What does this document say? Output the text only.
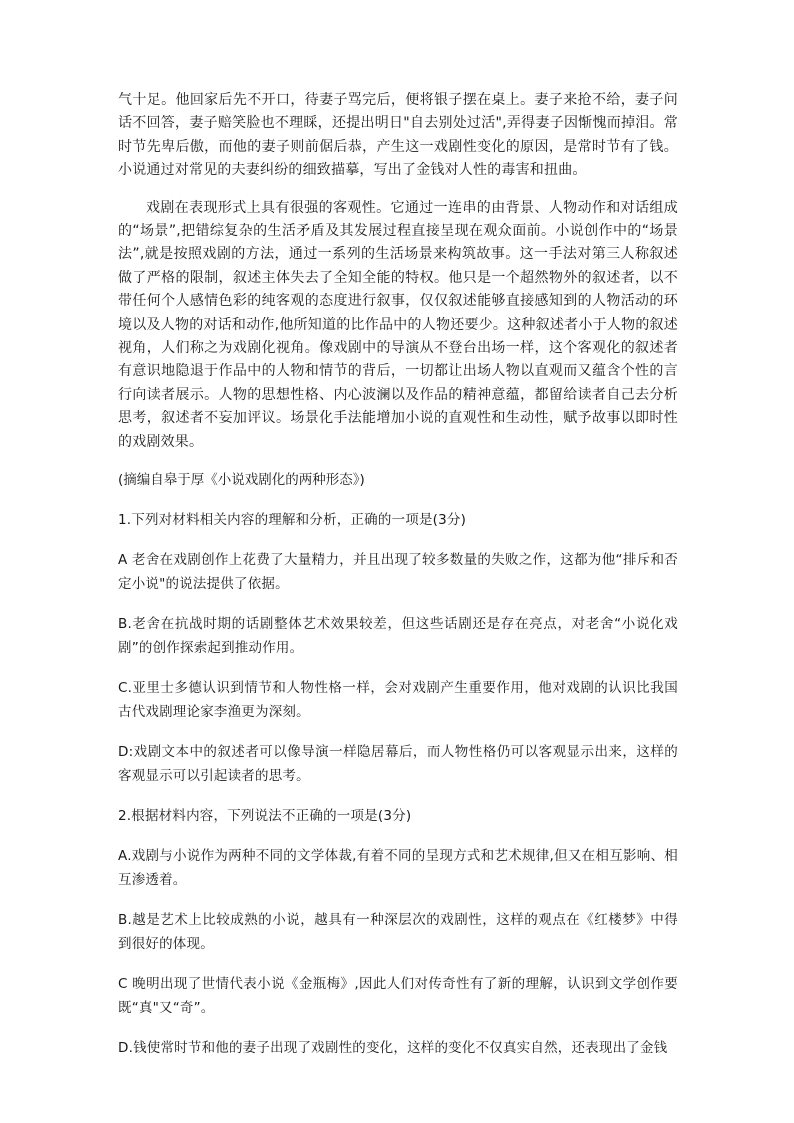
气十足。他回家后先不开口，待妻子骂完后，便将银子摆在桌上。妻子来抢不给，妻子问话不回答，妻子赔笑脸也不理睬，还提出明日"自去别处过活",弄得妻子因惭愧而掉泪。常时节先卑后傲，而他的妻子则前倨后恭，产生这一戏剧性变化的原因，是常时节有了钱。小说通过对常见的夫妻纠纷的细致描摹，写出了金钱对人性的毒害和扭曲。

戏剧在表现形式上具有很强的客观性。它通过一连串的由背景、人物动作和对话组成的“场景”,把错综复杂的生活矛盾及其发展过程直接呈现在观众面前。小说创作中的“场景法”,就是按照戏剧的方法，通过一系列的生活场景来构筑故事。这一手法对第三人称叙述做了严格的限制，叙述主体失去了全知全能的特权。他只是一个超然物外的叙述者，以不带任何个人感情色彩的纯客观的态度进行叙事，仅仅叙述能够直接感知到的人物活动的环境以及人物的对话和动作,他所知道的比作品中的人物还要少。这种叙述者小于人物的叙述视角，人们称之为戏剧化视角。像戏剧中的导演从不登台出场一样，这个客观化的叙述者有意识地隐退于作品中的人物和情节的背后，一切都让出场人物以直观而又蕴含个性的言行向读者展示。人物的思想性格、内心波澜以及作品的精神意蕴，都留给读者自己去分析思考，叙述者不妄加评议。场景化手法能增加小说的直观性和生动性，赋予故事以即时性的戏剧效果。

(摘编自皋于厚《小说戏剧化的两种形态》)

1.下列对材料相关内容的理解和分析，正确的一项是(3分)

A 老舍在戏剧创作上花费了大量精力，并且出现了较多数量的失败之作，这都为他“排斥和否定小说"的说法提供了依据。

B.老舍在抗战时期的话剧整体艺术效果较差，但这些话剧还是存在亮点，对老舍“小说化戏剧”的创作探索起到推动作用。

C.亚里士多德认识到情节和人物性格一样，会对戏剧产生重要作用，他对戏剧的认识比我国古代戏剧理论家李渔更为深刻。

D:戏剧文本中的叙述者可以像导演一样隐居幕后，而人物性格仍可以客观显示出来，这样的客观显示可以引起读者的思考。

2.根据材料内容，下列说法不正确的一项是(3分)

A.戏剧与小说作为两种不同的文学体裁,有着不同的呈现方式和艺术规律,但又在相互影响、相互渗透着。

B.越是艺术上比较成熟的小说，越具有一种深层次的戏剧性，这样的观点在《红楼梦》中得到很好的体现。

C 晚明出现了世情代表小说《金瓶梅》,因此人们对传奇性有了新的理解，认识到文学创作要既“真"又“奇”。

D.钱使常时节和他的妻子出现了戏剧性的变化，这样的变化不仅真实自然，还表现出了金钱
